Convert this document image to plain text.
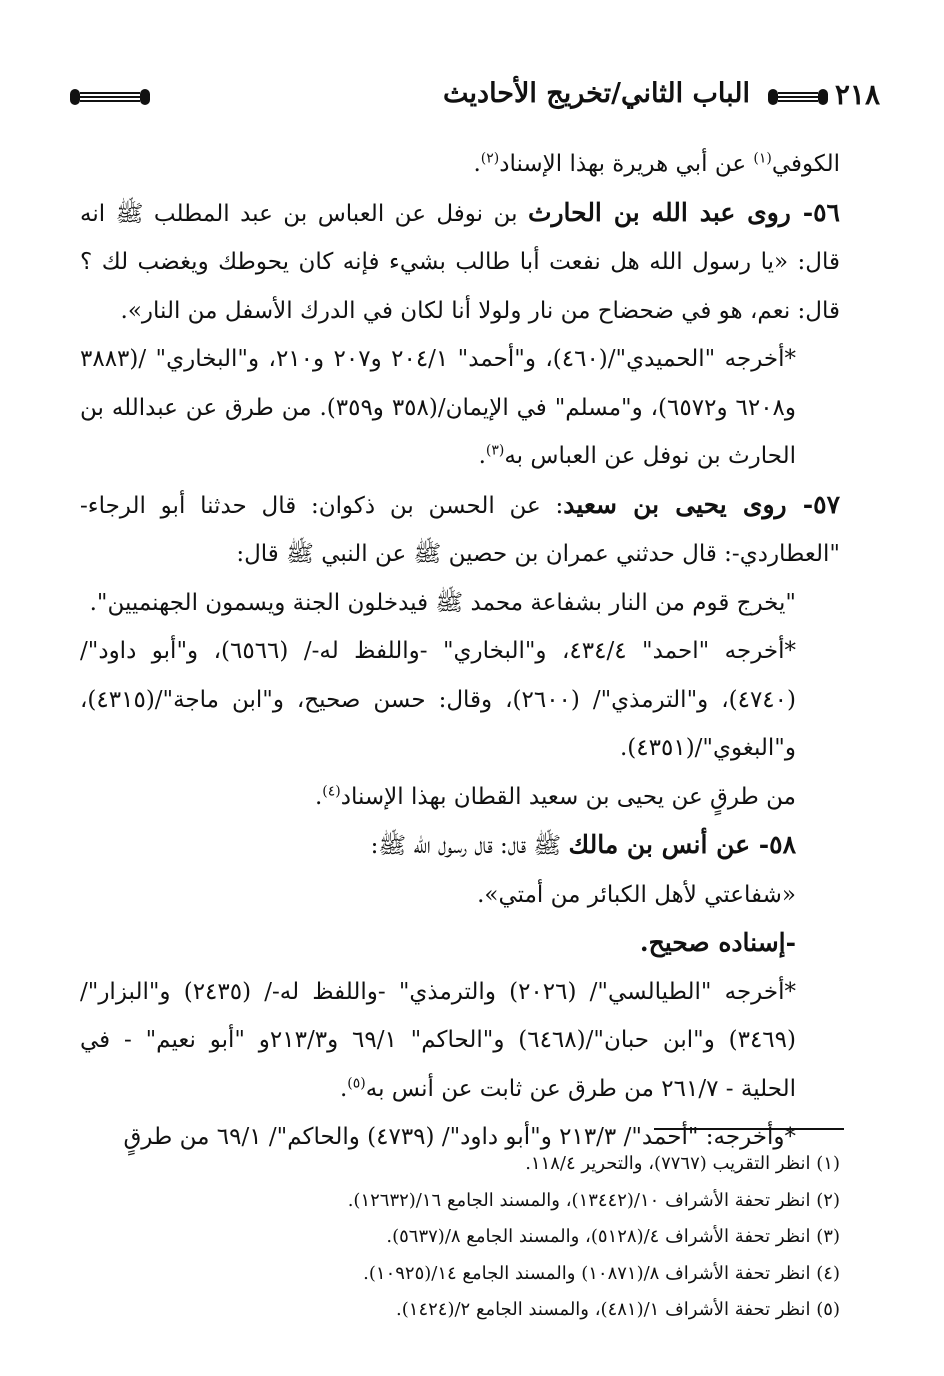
٢١٨
الباب الثاني/تخريج الأحاديث

الكوفي$^{(١)}$ عن أبي هريرة بهذا الإسناد$^{(٢)}$.

٥٦- روى عبد الله بن الحارث بن نوفل عن العباس بن عبد المطلب ﷺ انه قال: «يا رسول الله هل نفعت أبا طالب بشيء فإنه كان يحوطك ويغضب لك ؟ قال: نعم، هو في ضحضاح من نار ولولا أنا لكان في الدرك الأسفل من النار».

*أخرجه "الحميدي"/(٤٦٠)، و"أحمد" ٢٠٤/١ و٢٠٧ و٢١٠، و"البخاري" /(٣٨٨٣ و٦٢٠٨ و٦٥٧٢)، و"مسلم" في الإيمان/(٣٥٨ و٣٥٩). من طرق عن عبدالله بن الحارث بن نوفل عن العباس به$^{(٣)}$.

٥٧- روى يحيى بن سعيد: عن الحسن بن ذكوان: قال حدثنا أبو الرجاء- "العطاردي-: قال حدثني عمران بن حصين ﷺ عن النبي ﷺ قال:

"يخرج قوم من النار بشفاعة محمد ﷺ فيدخلون الجنة ويسمون الجهنميين".

*أخرجه "احمد" ٤٣٤/٤، و"البخاري" -واللفظ له-/ (٦٥٦٦)، و"أبو داود"/ (٤٧٤٠)، و"الترمذي"/ (٢٦٠٠)، وقال: حسن صحيح، و"ابن ماجة"/(٤٣١٥)، و"البغوي"/(٤٣٥١).

من طرقٍ عن يحيى بن سعيد القطان بهذا الإسناد$^{(٤)}$.

٥٨- عن أنس بن مالك ﷺ قال: قال رسول الله ﷺ:

«شفاعتي لأهل الكبائر من أمتي».

-إسناده صحيح.

*أخرجه "الطيالسي"/ (٢٠٢٦) والترمذي" -واللفظ له-/ (٢٤٣٥) و"البزار"/ (٣٤٦٩) و"ابن حبان"/(٦٤٦٨) و"الحاكم" ٦٩/١ و٢١٣/٣و "أبو نعيم" - في الحلية - ٢٦١/٧ من طرق عن ثابت عن أنس به$^{(٥)}$.

*وأخرجه: "أحمد"/ ٢١٣/٣ و"أبو داود"/ (٤٧٣٩) والحاكم"/ ٦٩/١ من طرقٍ

(١) انظر التقريب (٧٧٦٧)، والتحرير ١١٨/٤.

(٢) انظر تحفة الأشراف ١٠/(١٣٤٤٢)، والمسند الجامع ١٦/(١٢٦٣٢).

(٣) انظر تحفة الأشراف ٤/(٥١٢٨)، والمسند الجامع ٨/(٥٦٣٧).

(٤) انظر تحفة الأشراف ٨/(١٠٨٧١) والمسند الجامع ١٤/(١٠٩٢٥).

(٥) انظر تحفة الأشراف ١/(٤٨١)، والمسند الجامع ٢/(١٤٢٤).
